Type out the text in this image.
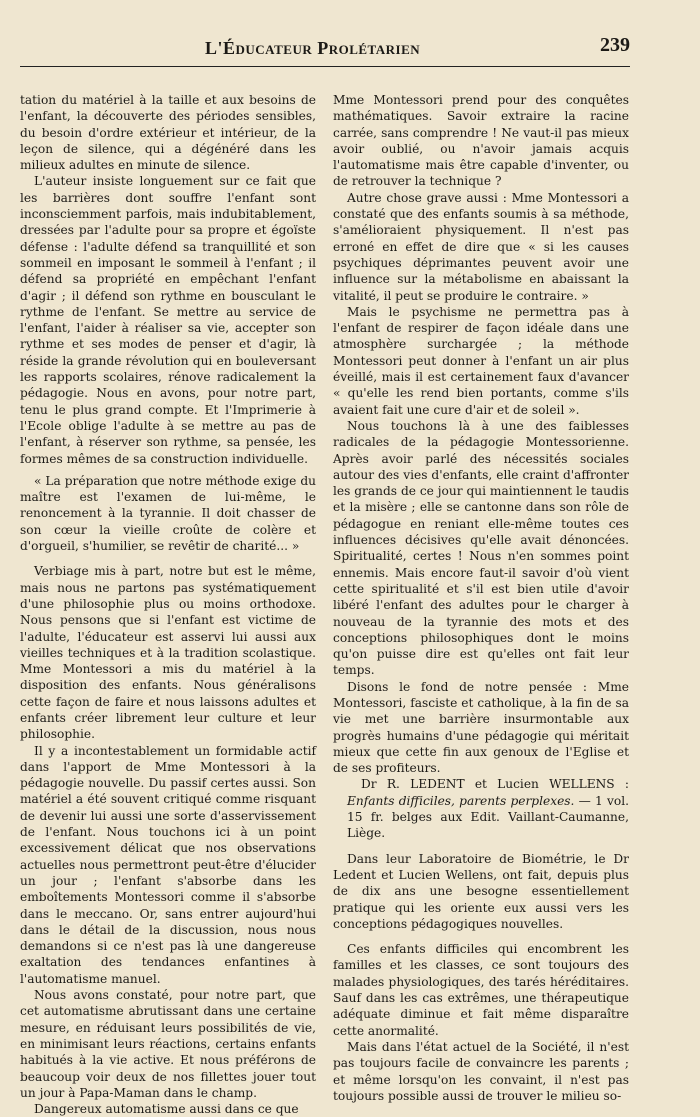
L'Éducateur Prolétarien	239

tation du matériel à la taille et aux besoins de l'enfant, la découverte des périodes sensibles, du besoin d'ordre extérieur et intérieur, de la leçon de silence, qui a dégénéré dans les milieux adultes en minute de silence.

L'auteur insiste longuement sur ce fait que les barrières dont souffre l'enfant sont inconsciemment parfois, mais indubitablement, dressées par l'adulte pour sa propre et égoïste défense : l'adulte défend sa tranquillité et son sommeil en imposant le sommeil à l'enfant ; il défend sa propriété en empêchant l'enfant d'agir ; il défend son rythme en bousculant le rythme de l'enfant. Se mettre au service de l'enfant, l'aider à réaliser sa vie, accepter son rythme et ses modes de penser et d'agir, là réside la grande révolution qui en bouleversant les rapports scolaires, rénove radicalement la pédagogie. Nous en avons, pour notre part, tenu le plus grand compte. Et l'Imprimerie à l'Ecole oblige l'adulte à se mettre au pas de l'enfant, à réserver son rythme, sa pensée, les formes mêmes de sa construction individuelle.

« La préparation que notre méthode exige du maître est l'examen de lui-même, le renoncement à la tyrannie. Il doit chasser de son cœur la vieille croûte de colère et d'orgueil, s'humilier, se revêtir de charité... »

Verbiage mis à part, notre but est le même, mais nous ne partons pas systématiquement d'une philosophie plus ou moins orthodoxe. Nous pensons que si l'enfant est victime de l'adulte, l'éducateur est asservi lui aussi aux vieilles techniques et à la tradition scolastique. Mme Montessori a mis du matériel à la disposition des enfants. Nous généralisons cette façon de faire et nous laissons adultes et enfants créer librement leur culture et leur philosophie.

Il y a incontestablement un formidable actif dans l'apport de Mme Montessori à la pédagogie nouvelle. Du passif certes aussi. Son matériel a été souvent critiqué comme risquant de devenir lui aussi une sorte d'asservissement de l'enfant. Nous touchons ici à un point excessivement délicat que nos observations actuelles nous permettront peut-être d'élucider un jour ; l'enfant s'absorbe dans les emboîtements Montessori comme il s'absorbe dans le meccano. Or, sans entrer aujourd'hui dans le détail de la discussion, nous nous demandons si ce n'est pas là une dangereuse exaltation des tendances enfantines à l'automatisme manuel.

Nous avons constaté, pour notre part, que cet automatisme abrutissant dans une certaine mesure, en réduisant leurs possibilités de vie, en minimisant leurs réactions, certains enfants habitués à la vie active. Et nous préférons de beaucoup voir deux de nos fillettes jouer tout un jour à Papa-Maman dans le champ.

Dangereux automatisme aussi dans ce que

Mme Montessori prend pour des conquêtes mathématiques. Savoir extraire la racine carrée, sans comprendre ! Ne vaut-il pas mieux avoir oublié, ou n'avoir jamais acquis l'automatisme mais être capable d'inventer, ou de retrouver la technique ?

Autre chose grave aussi : Mme Montessori a constaté que des enfants soumis à sa méthode, s'amélioraient physiquement. Il n'est pas erroné en effet de dire que « si les causes psychiques déprimantes peuvent avoir une influence sur la métabolisme en abaissant la vitalité, il peut se produire le contraire. »

Mais le psychisme ne permettra pas à l'enfant de respirer de façon idéale dans une atmosphère surchargée ; la méthode Montessori peut donner à l'enfant un air plus éveillé, mais il est certainement faux d'avancer « qu'elle les rend bien portants, comme s'ils avaient fait une cure d'air et de soleil ».

Nous touchons là à une des faiblesses radicales de la pédagogie Montessorienne. Après avoir parlé des nécessités sociales autour des vies d'enfants, elle craint d'affronter les grands de ce jour qui maintiennent le taudis et la misère ; elle se cantonne dans son rôle de pédagogue en reniant elle-même toutes ces influences décisives qu'elle avait dénoncées. Spiritualité, certes ! Nous n'en sommes point ennemis. Mais encore faut-il savoir d'où vient cette spiritualité et s'il est bien utile d'avoir libéré l'enfant des adultes pour le charger à nouveau de la tyrannie des mots et des conceptions philosophiques dont le moins qu'on puisse dire est qu'elles ont fait leur temps.

Disons le fond de notre pensée : Mme Montessori, fasciste et catholique, à la fin de sa vie met une barrière insurmontable aux progrès humains d'une pédagogie qui méritait mieux que cette fin aux genoux de l'Eglise et de ses profiteurs.

Dr R. LEDENT et Lucien WELLENS : Enfants difficiles, parents perplexes. — 1 vol. 15 fr. belges aux Edit. Vaillant-Caumanne, Liège.

Dans leur Laboratoire de Biométrie, le Dr Ledent et Lucien Wellens, ont fait, depuis plus de dix ans une besogne essentiellement pratique qui les oriente eux aussi vers les conceptions pédagogiques nouvelles.

Ces enfants difficiles qui encombrent les familles et les classes, ce sont toujours des malades physiologiques, des tarés héréditaires. Sauf dans les cas extrêmes, une thérapeutique adéquate diminue et fait même disparaître cette anormalité.

Mais dans l'état actuel de la Société, il n'est pas toujours facile de convaincre les parents ; et même lorsqu'on les convaint, il n'est pas toujours possible aussi de trouver le milieu so-
